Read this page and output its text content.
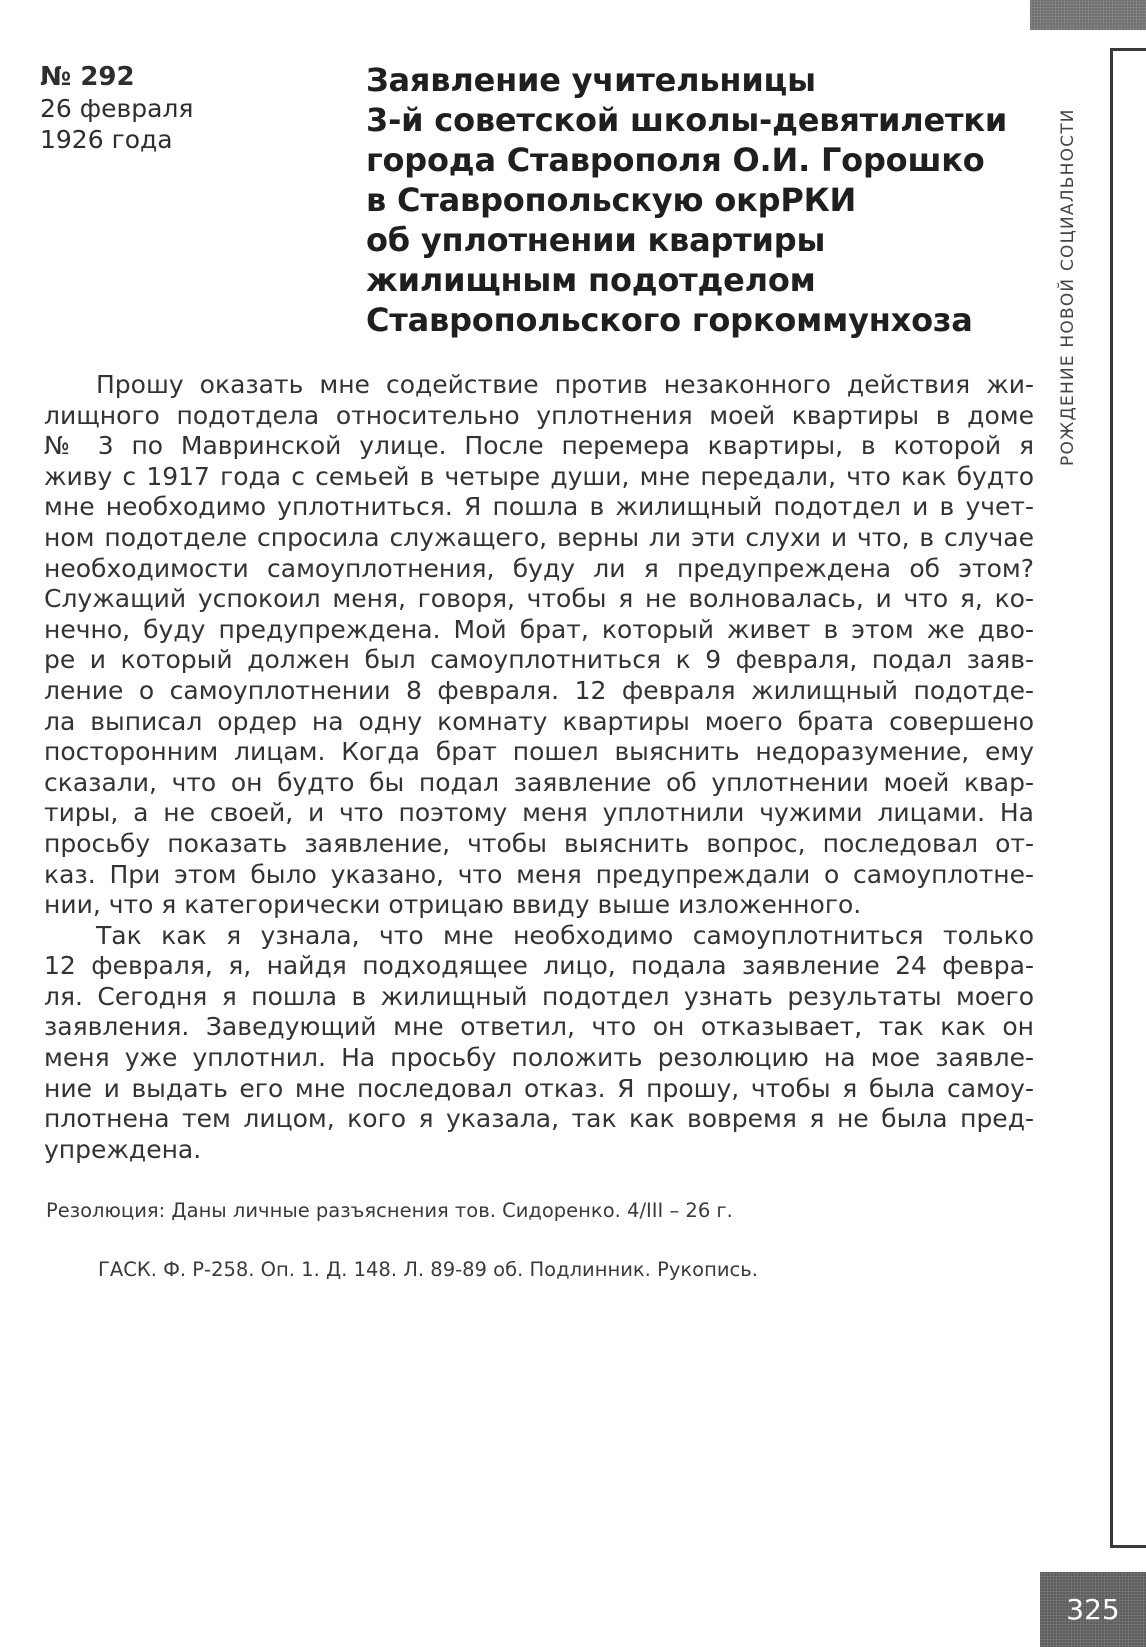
РОЖДЕНИЕ НОВОЙ СОЦИАЛЬНОСТИ
№ 292
26 февраля
1926 года
Заявление учительницы
3-й советской школы-девятилетки
города Ставрополя О.И. Горошко
в Ставропольскую окрРКИ
об уплотнении квартиры
жилищным подотделом
Ставропольского горкоммунхоза
Прошу оказать мне содействие против незаконного действия жи-
лищного подотдела относительно уплотнения моей квартиры в доме
№ 3 по Мавринской улице. После перемера квартиры, в которой я
живу с 1917 года с семьей в четыре души, мне передали, что как будто
мне необходимо уплотниться. Я пошла в жилищный подотдел и в учет-
ном подотделе спросила служащего, верны ли эти слухи и что, в случае
необходимости самоуплотнения, буду ли я предупреждена об этом?
Служащий успокоил меня, говоря, чтобы я не волновалась, и что я, ко-
нечно, буду предупреждена. Мой брат, который живет в этом же дво-
ре и который должен был самоуплотниться к 9 февраля, подал заяв-
ление о самоуплотнении 8 февраля. 12 февраля жилищный подотде-
ла выписал ордер на одну комнату квартиры моего брата совершено
посторонним лицам. Когда брат пошел выяснить недоразумение, ему
сказали, что он будто бы подал заявление об уплотнении моей квар-
тиры, а не своей, и что поэтому меня уплотнили чужими лицами. На
просьбу показать заявление, чтобы выяснить вопрос, последовал от-
каз. При этом было указано, что меня предупреждали о самоуплотне-
нии, что я категорически отрицаю ввиду выше изложенного.
Так как я узнала, что мне необходимо самоуплотниться только
12 февраля, я, найдя подходящее лицо, подала заявление 24 февра-
ля. Сегодня я пошла в жилищный подотдел узнать результаты моего
заявления. Заведующий мне ответил, что он отказывает, так как он
меня уже уплотнил. На просьбу положить резолюцию на мое заявле-
ние и выдать его мне последовал отказ. Я прошу, чтобы я была самоу-
плотнена тем лицом, кого я указала, так как вовремя я не была пред-
упреждена.
Резолюция: Даны личные разъяснения тов. Сидоренко. 4/III – 26 г.
ГАСК. Ф. Р-258. Оп. 1. Д. 148. Л. 89-89 об. Подлинник. Рукопись.
325
